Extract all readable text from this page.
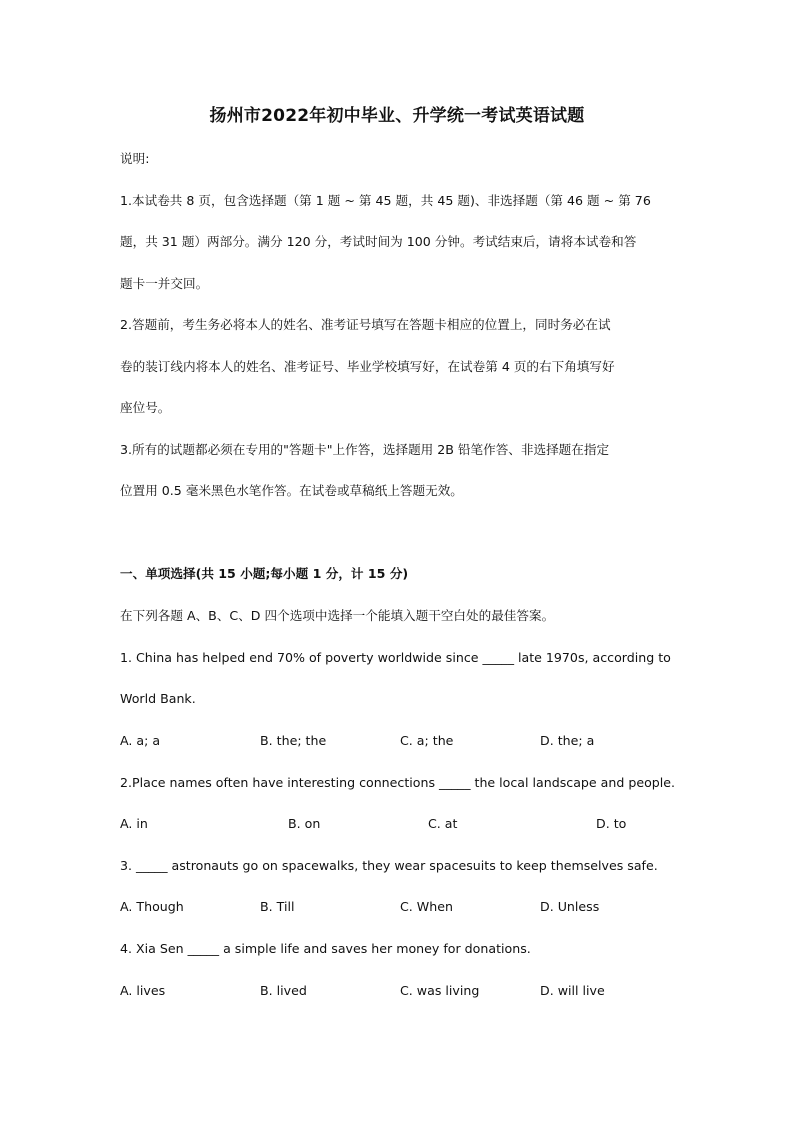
扬州市2022年初中毕业、升学统一考试英语试题
说明:
1.本试卷共 8 页，包含选择题（第 1 题 ~ 第 45 题，共 45 题)、非选择题（第 46 题 ~ 第 76
题，共 31 题）两部分。满分 120 分，考试时间为 100 分钟。考试结束后，请将本试卷和答
题卡一并交回。
2.答题前，考生务必将本人的姓名、准考证号填写在答题卡相应的位置上，同时务必在试
卷的装订线内将本人的姓名、准考证号、毕业学校填写好，在试卷第 4 页的右下角填写好
座位号。
3.所有的试题都必须在专用的"答题卡"上作答，选择题用 2B 铅笔作答、非选择题在指定
位置用 0.5 毫米黑色水笔作答。在试卷或草稿纸上答题无效。
一、单项选择(共 15 小题;每小题 1 分，计 15 分)
在下列各题 A、B、C、D 四个选项中选择一个能填入题干空白处的最佳答案。
1. China has helped end 70% of poverty worldwide since _____ late 1970s, according to
World Bank.
A. a; a	B. the; the	C. a; the	D. the; a
2.Place names often have interesting connections _____ the local landscape and people.
A. in	B. on	C. at	D. to
3. _____ astronauts go on spacewalks, they wear spacesuits to keep themselves safe.
A. Though	B. Till	C. When	D. Unless
4. Xia Sen _____ a simple life and saves her money for donations.
A. lives	B. lived	C. was living	D. will live
